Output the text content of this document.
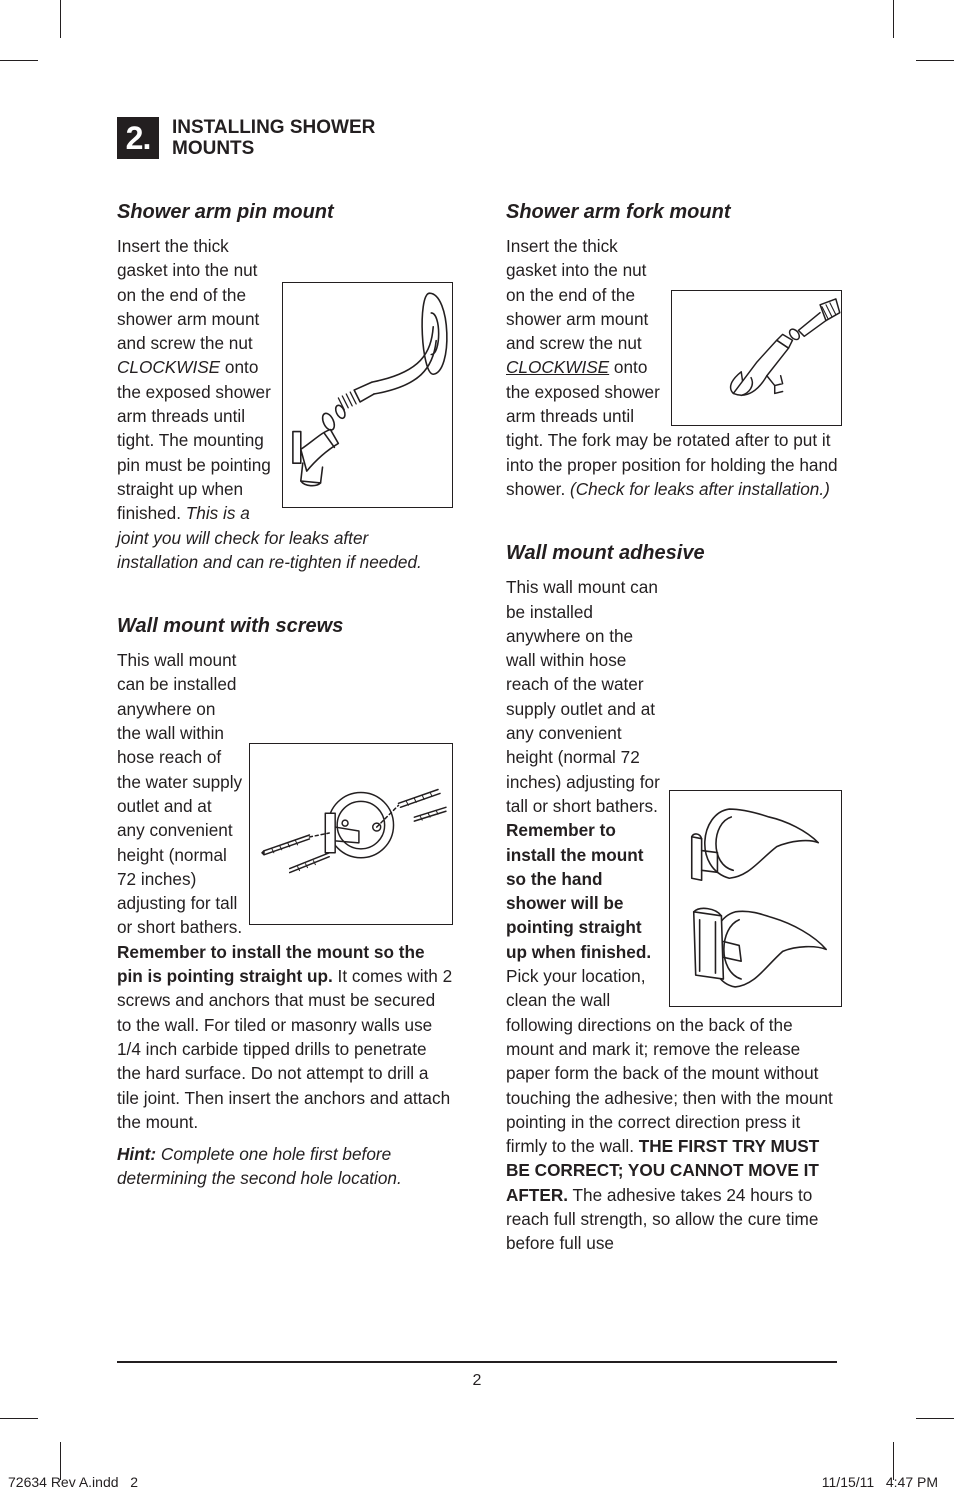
2.	INSTALLING SHOWER MOUNTS
Shower arm pin mount

Insert the thick gasket into the nut on the end of the shower arm mount and screw the nut CLOCKWISE onto the exposed shower arm threads until tight. The mounting pin must be pointing straight up when finished. This is a joint you will check for leaks after installation and can re-tighten if needed.

Wall mount with screws

This wall mount can be installed anywhere on the wall within hose reach of the water supply outlet and at any convenient height (normal 72 inches) adjusting for tall or short bathers. Remember to install the mount so the pin is pointing straight up. It comes with 2 screws and anchors that must be secured to the wall. For tiled or masonry walls use 1/4 inch carbide tipped drills to penetrate the hard surface. Do not attempt to drill a tile joint. Then insert the anchors and attach the mount.

Hint: Complete one hole first before determining the second hole location.

Shower arm fork mount

Insert the thick gasket into the nut on the end of the shower arm mount and screw the nut CLOCKWISE onto the exposed shower arm threads until tight. The fork may be rotated after to put it into the proper position for holding the hand shower. (Check for leaks after installation.)

Wall mount adhesive

This wall mount can be installed anywhere on the wall within hose reach of the water supply outlet and at any convenient height (normal 72 inches) adjusting for tall or short bathers. Remember to install the mount so the hand shower will be pointing straight up when finished. Pick your location, clean the wall following directions on the back of the mount and mark it; remove the release paper form the back of the mount without touching the adhesive; then with the mount pointing in the correct direction press it firmly to the wall. THE FIRST TRY MUST BE CORRECT; YOU CANNOT MOVE IT AFTER. The adhesive takes 24 hours to reach full strength, so allow the cure time before full use

2
72634 Rev A.indd   2	11/15/11   4:47 PM
